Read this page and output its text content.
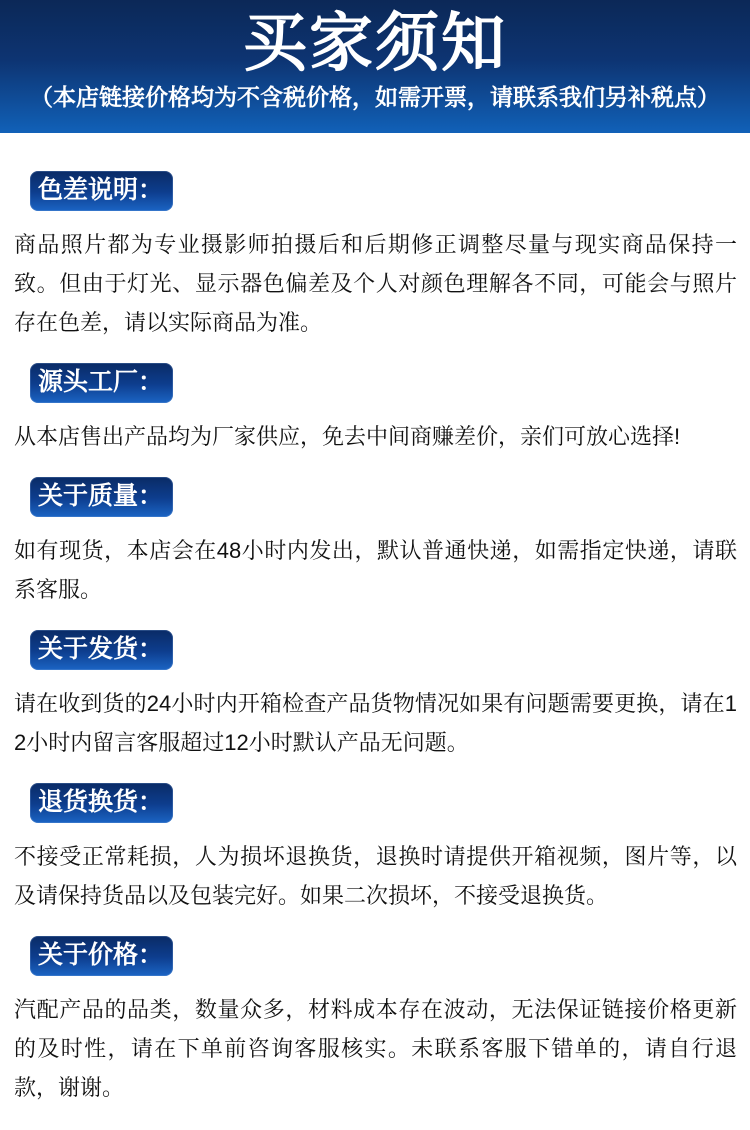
买家须知
（本店链接价格均为不含税价格，如需开票，请联系我们另补税点）
色差说明：
商品照片都为专业摄影师拍摄后和后期修正调整尽量与现实商品保持一致。但由于灯光、显示器色偏差及个人对颜色理解各不同，可能会与照片存在色差，请以实际商品为准。
源头工厂：
从本店售出产品均为厂家供应，免去中间商赚差价，亲们可放心选择!
关于质量：
如有现货，本店会在48小时内发出，默认普通快递，如需指定快递，请联系客服。
关于发货：
请在收到货的24小时内开箱检查产品货物情况如果有问题需要更换，请在12小时内留言客服超过12小时默认产品无问题。
退货换货：
不接受正常耗损，人为损坏退换货，退换时请提供开箱视频，图片等，以及请保持货品以及包装完好。如果二次损坏，不接受退换货。
关于价格：
汽配产品的品类，数量众多，材料成本存在波动，无法保证链接价格更新的及时性，请在下单前咨询客服核实。未联系客服下错单的，请自行退款，谢谢。
